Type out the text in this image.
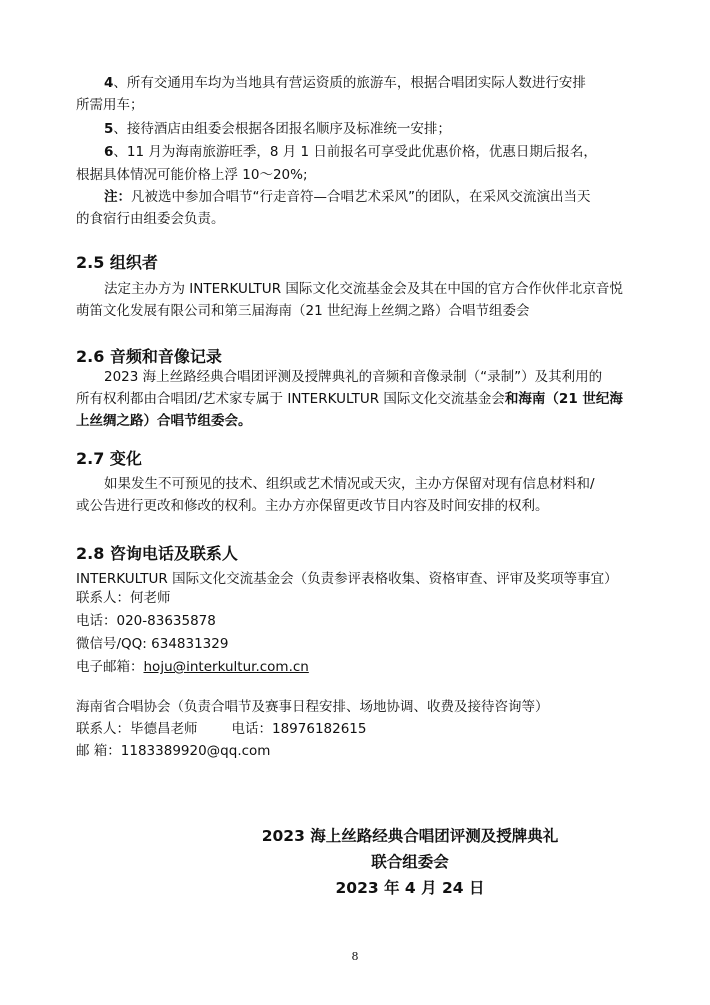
4、所有交通用车均为当地具有营运资质的旅游车，根据合唱团实际人数进行安排
所需用车；
5、接待酒店由组委会根据各团报名顺序及标准统一安排；
6、11 月为海南旅游旺季，8 月 1 日前报名可享受此优惠价格，优惠日期后报名，
根据具体情况可能价格上浮 10～20%;
注：凡被选中参加合唱节“行走音符—合唱艺术采风”的团队，在采风交流演出当天
的食宿行由组委会负责。
2.5 组织者
法定主办方为 INTERKULTUR 国际文化交流基金会及其在中国的官方合作伙伴北京音悦
萌笛文化发展有限公司和第三届海南（21 世纪海上丝绸之路）合唱节组委会
2.6 音频和音像记录
2023 海上丝路经典合唱团评测及授牌典礼的音频和音像录制（“录制”）及其利用的
所有权利都由合唱团/艺术家专属于 INTERKULTUR 国际文化交流基金会和海南（21 世纪海
上丝绸之路）合唱节组委会。
2.7 变化
如果发生不可预见的技术、组织或艺术情况或天灾，主办方保留对现有信息材料和/
或公告进行更改和修改的权利。主办方亦保留更改节目内容及时间安排的权利。
2.8 咨询电话及联系人
INTERKULTUR 国际文化交流基金会（负责参评表格收集、资格审查、评审及奖项等事宜）
联系人：何老师
电话：020-83635878
微信号/QQ: 634831329
电子邮箱：hoju@interkultur.com.cn
海南省合唱协会（负责合唱节及赛事日程安排、场地协调、收费及接待咨询等）
联系人：毕德昌老师	电话：18976182615
邮 箱：1183389920@qq.com
2023 海上丝路经典合唱团评测及授牌典礼
联合组委会
2023 年 4 月 24 日
8
